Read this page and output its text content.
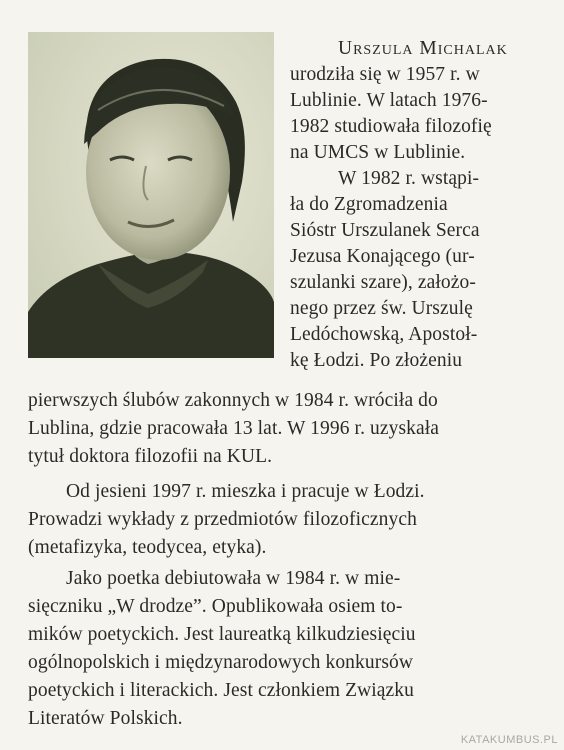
Urszula Michalak
urodziła się w 1957 r. w
Lublinie. W latach 1976-
1982 studiowała filozofię
na UMCS w Lublinie.
W 1982 r. wstąpi-
ła do Zgromadzenia
Sióstr Urszulanek Serca
Jezusa Konającego (ur-
szulanki szare), założo-
nego przez św. Urszulę
Ledóchowską, Apostoł-
kę Łodzi. Po złożeniu
pierwszych ślubów zakonnych w 1984 r. wróciła do
Lublina, gdzie pracowała 13 lat. W 1996 r. uzyskała
tytuł doktora filozofii na KUL.
Od jesieni 1997 r. mieszka i pracuje w Łodzi.
Prowadzi wykłady z przedmiotów filozoficznych
(metafizyka, teodycea, etyka).
Jako poetka debiutowała w 1984 r. w mie-
sięczniku „W drodze”. Opublikowała osiem to-
mików poetyckich. Jest laureatką kilkudziesięciu
ogólnopolskich i międzynarodowych konkursów
poetyckich i literackich. Jest członkiem Związku
Literatów Polskich.
KATAKUMBUS.PL
